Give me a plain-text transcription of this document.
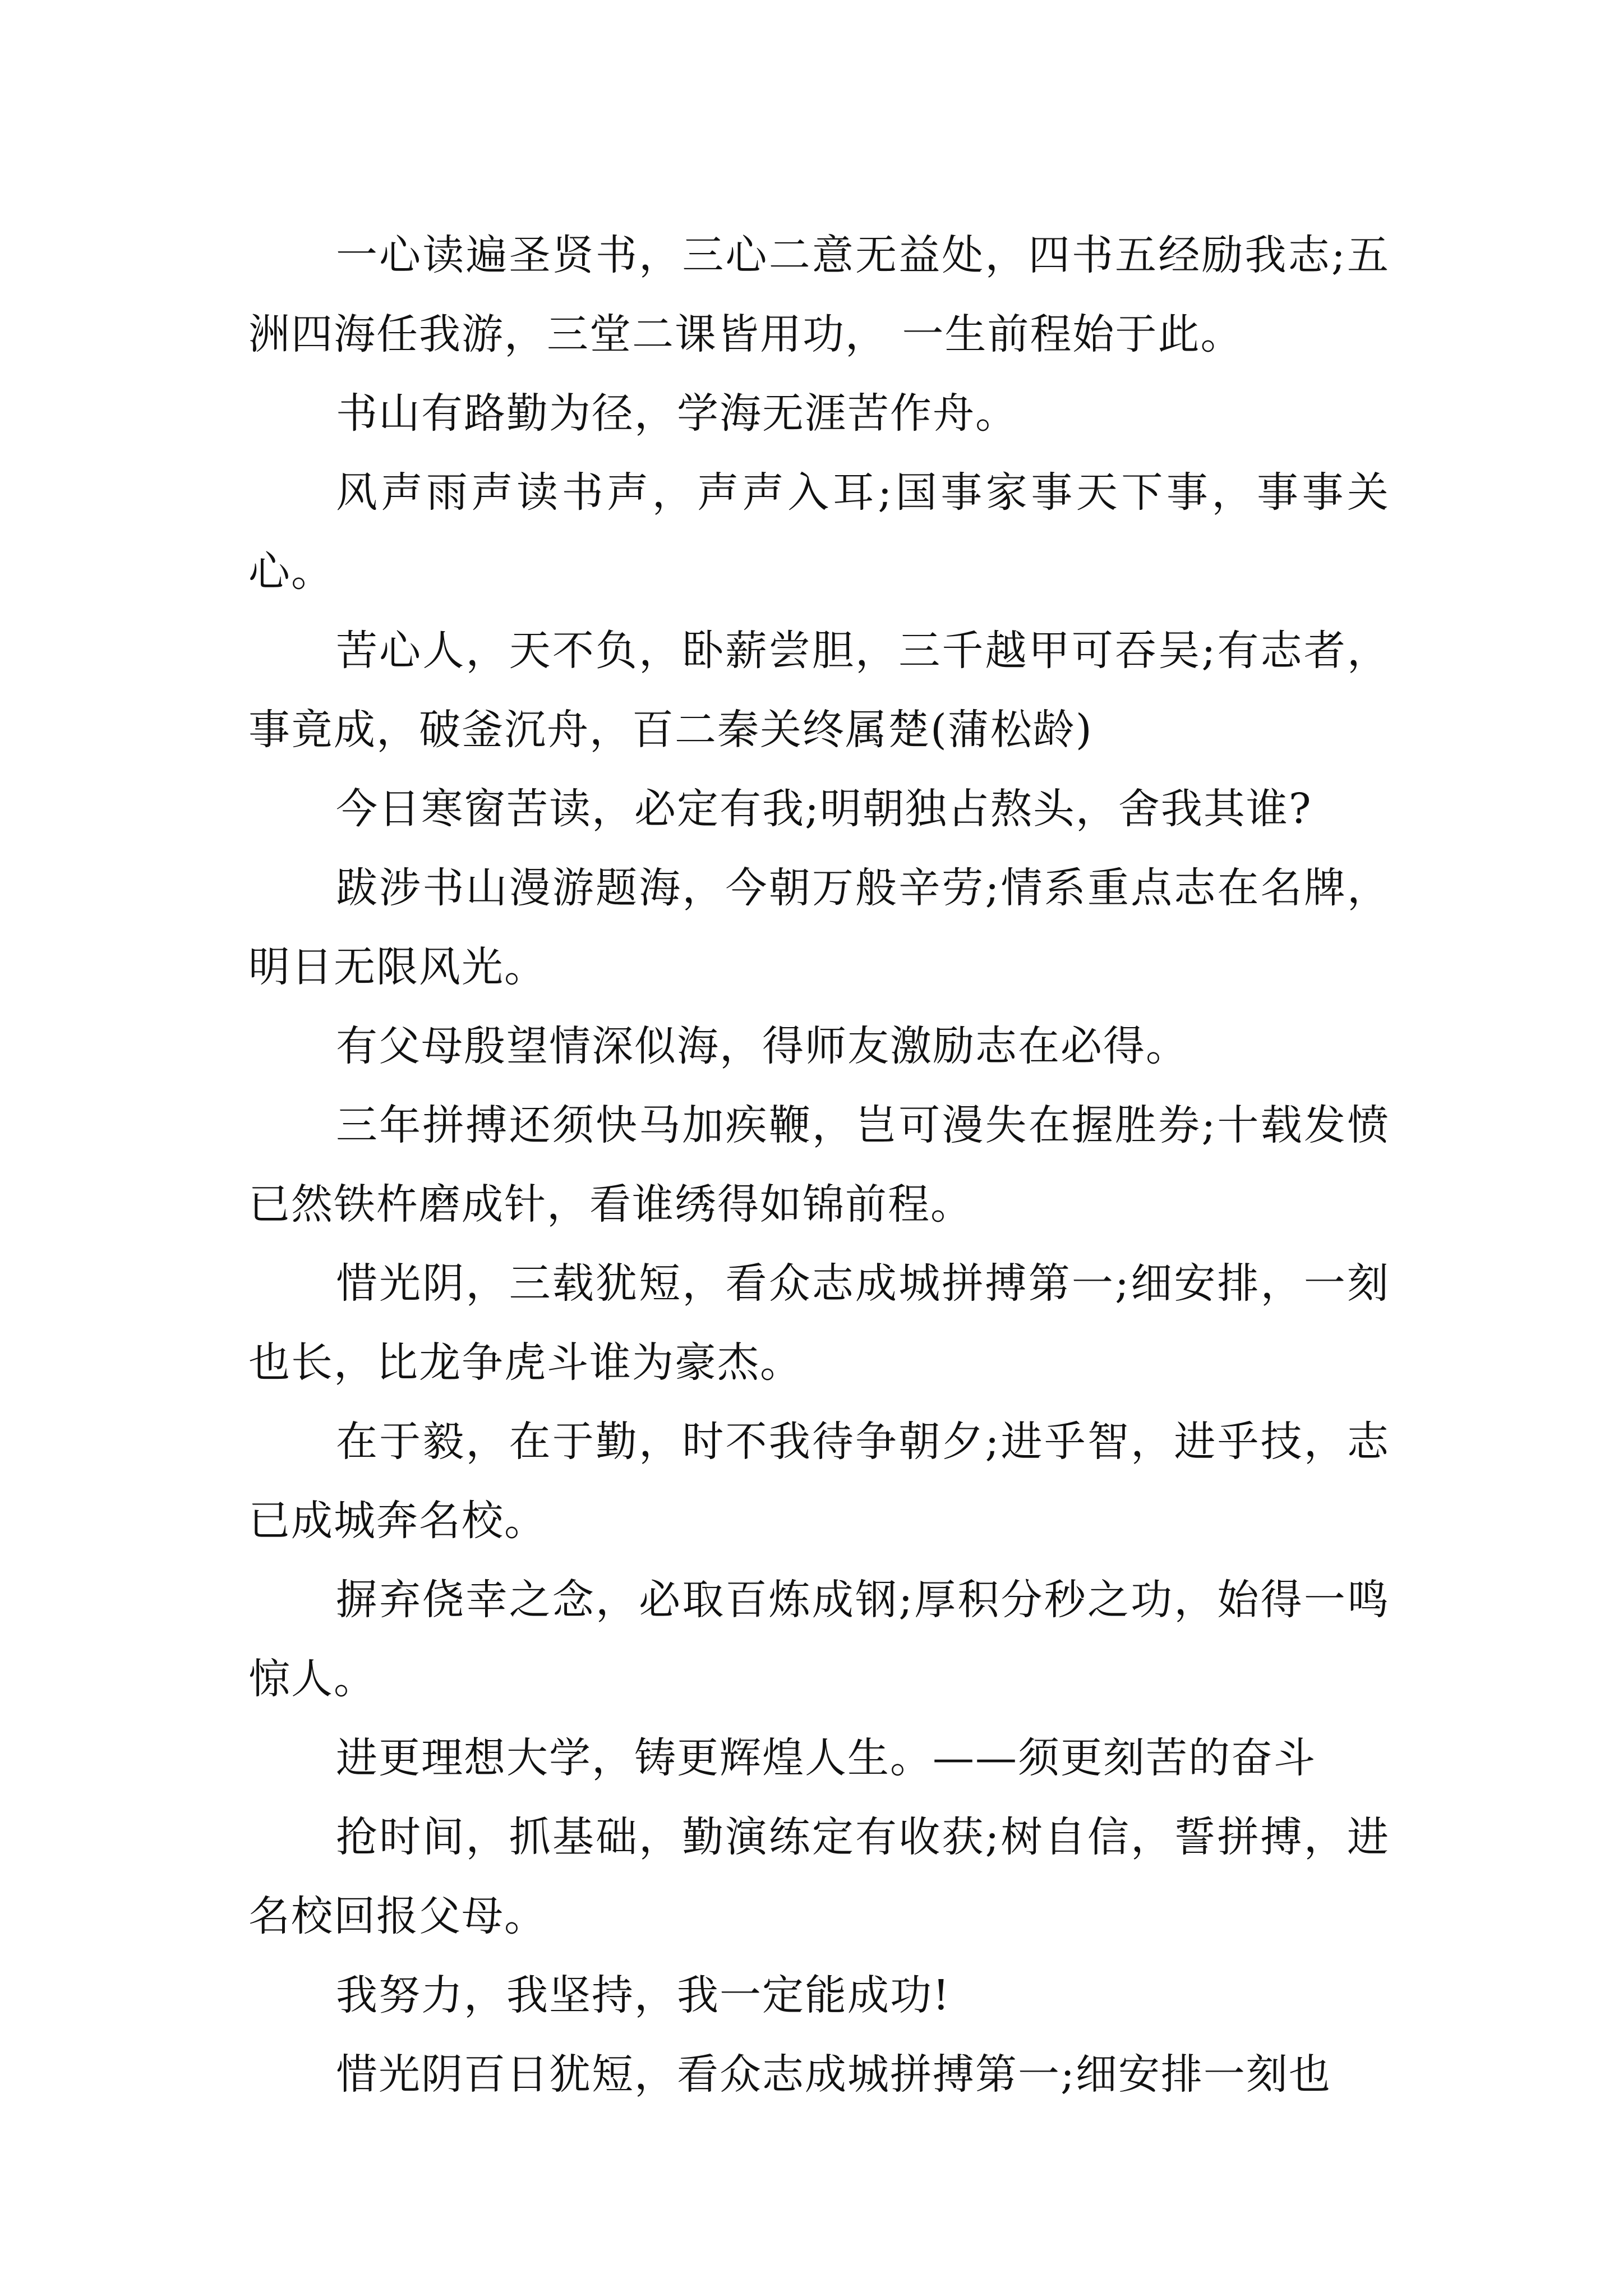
一心读遍圣贤书，三心二意无益处，四书五经励我志;五洲四海任我游，三堂二课皆用功， 一生前程始于此。

书山有路勤为径，学海无涯苦作舟。

风声雨声读书声，声声入耳;国事家事天下事，事事关心。

苦心人，天不负，卧薪尝胆，三千越甲可吞吴;有志者，事竟成，破釜沉舟，百二秦关终属楚(蒲松龄)

今日寒窗苦读，必定有我;明朝独占熬头，舍我其谁?

跋涉书山漫游题海，今朝万般辛劳;情系重点志在名牌，明日无限风光。

有父母殷望情深似海，得师友激励志在必得。

三年拼搏还须快马加疾鞭，岂可漫失在握胜券;十载发愤已然铁杵磨成针，看谁绣得如锦前程。

惜光阴，三载犹短，看众志成城拼搏第一;细安排，一刻也长，比龙争虎斗谁为豪杰。

在于毅，在于勤，时不我待争朝夕;进乎智，进乎技，志已成城奔名校。

摒弃侥幸之念，必取百炼成钢;厚积分秒之功，始得一鸣惊人。

进更理想大学，铸更辉煌人生。——须更刻苦的奋斗

抢时间，抓基础，勤演练定有收获;树自信，誓拼搏，进名校回报父母。

我努力，我坚持，我一定能成功!

惜光阴百日犹短，看众志成城拼搏第一;细安排一刻也
